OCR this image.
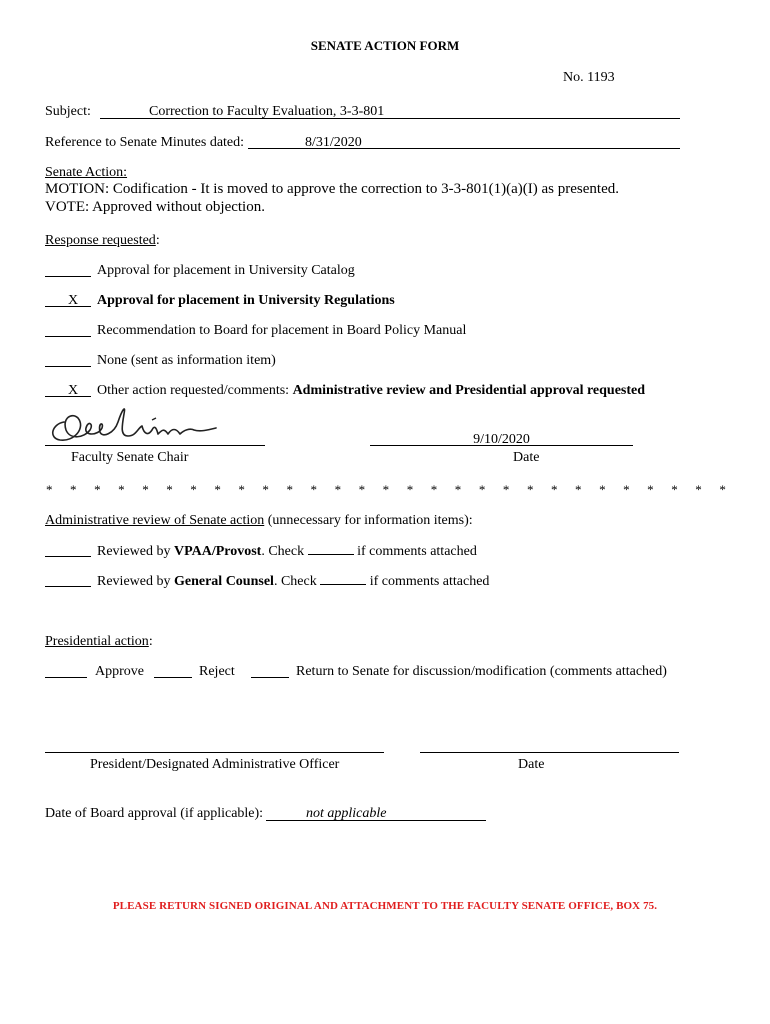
SENATE ACTION FORM
No. 1193
Subject:	Correction to Faculty Evaluation, 3-3-801
Reference to Senate Minutes dated:	8/31/2020
Senate Action:
MOTION: Codification - It is moved to approve the correction to 3-3-801(1)(a)(I) as presented.
VOTE: Approved without objection.
Response requested:
Approval for placement in University Catalog
X Approval for placement in University Regulations
Recommendation to Board for placement in Board Policy Manual
None (sent as information item)
X Other action requested/comments: Administrative review and Presidential approval requested
Faculty Senate Chair
9/10/2020
Date
* * * * * * * * * * * * * * * * * * * * * * * * * * * * *
Administrative review of Senate action (unnecessary for information items):
Reviewed by VPAA/Provost. Check	if comments attached
Reviewed by General Counsel. Check	if comments attached
Presidential action:
Approve	Reject	Return to Senate for discussion/modification (comments attached)
President/Designated Administrative Officer	Date
Date of Board approval (if applicable):	not applicable
PLEASE RETURN SIGNED ORIGINAL AND ATTACHMENT TO THE FACULTY SENATE OFFICE, BOX 75.
